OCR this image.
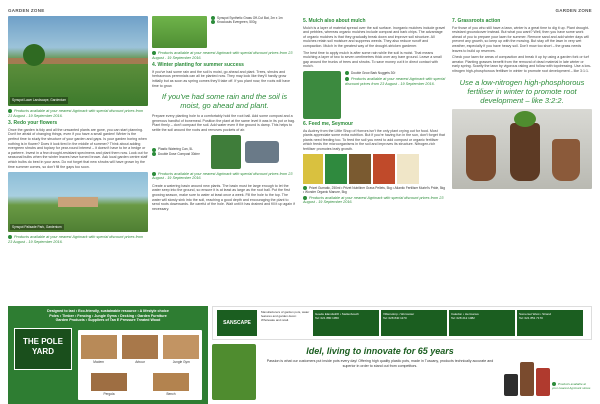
GARDEN ZONE	GARDEN ZONE
Synspot Lawn Landscape, Gardenium
Products available at your nearest Agrimark with special discount prices from 23 August - 19 September 2016.
3. Redo your flowers

Once the garden is tidy and all the unwanted plants are gone, you can start planning. Don't be afraid of changing things, even if you have a small garden! Winter is the perfect time to study the structure of your garden and gaps. Is your garden boring when nothing is in flower? Does it look tired in the middle of summer? Think about adding evergreen shrubs and topiary for year-round interest – it doesn't have to be a hedge or a parterre. Invest in a few drought-resistant specimens and plant them now. Look out for seasonal bulbs when the winter leaves have turned brown. Ask local garden centre staff which bulbs do best in your area. Do not forget that new shrubs will have grown by the time summer comes, so don't fill the gaps too soon.

Synspot Palisade Park, Gardenium
Products available at your nearest Agrimark with special discount prices from 23 August - 19 September 2016.
Synspot Synthetic Grass Off-Cut Bat, 2m x 1m
Knockouts Evergreen, 500g
Products available at your nearest Agrimark with special discount prices from 23 August - 19 September 2016.
4. Winter planting for summer success

If you've had some rain and the soil is moist, go ahead and plant. Trees, shrubs and herbaceous perennials can all be planted now. They may look like they'll hardly grow initially but as soon as spring comes they'll take off. If you plant now, the roots will have time to grow.

If you've had some rain and the soil is moist, go ahead and plant.

Prepare every planting hole to a comfortably hold the root ball. Add some compost and a generous handful of bonemeal. Position the plant at the same level it was in its pot or bag. Plant firmly – don't compact the soil. Add water even if the ground is damp. This helps to settle the soil around the roots and removes pockets of air.

Plastic Watering Can, 5L
Double Dose Compost 30dm³
Products available at your nearest Agrimark with special discount prices from 23 August - 19 September 2016.

Create a watering basin around new plants. The basin must be large enough to let the water seep into the ground, so ensure it is at least as large as the root ball. Put the first growing season, make sure to water at least once a week. Fill the hole to the top. The water will slowly sink into the soil, reaching a good depth and encouraging the plant to send roots downwards. Be careful of the hole. Wait until it has drained and fill it up again if necessary.

5. Mulch also about mulch

Mulch is a layer of material spread over the soil surface. Inorganic mulches include gravel and pebbles, whereas organic mulches include compost and bark chips. The advantage of organic mulches is that they gradually break down and improve soil structure. All mulches retain soil moisture and suppress weeds. They also reduce runoff and compaction. Mulch in the greatest way of the drought-stricken gardener.

The best time to apply mulch is after some rain while the soil is moist. That means mulching a layer of two to seven centimetres thick over any bare ground. Leave a small gap around the trunks of trees and shrubs. To save money cut it in direct contact with mulch.

Double Grow Bark Nuggets 30ℓ
Products available at your nearest Agrimark with special discount prices from 23 August - 19 September 2016.
6. Feed me, Seymour

As Audrey from the Little Shop of Horrors isn't the only plant crying out for food. Most plants appreciate some extra nutrition. But if you're having fun in the sun, don't forget that plants need feeding too. To feed the soil you need to add compost or organic fertiliser which feeds the microorganisms in the soil and improves its structure. Nitrogen-rich fertiliser promotes leafy growth.

Prizet Gumatic, 250ml • Prizet Nutriliner Grass Pellets, 5kg • Atlantic Fertiliser Muriel's Pride, 5kg • Wonder Organic Manure, 5kg
Products available at your nearest Agrimark with special discount prices from 23 August - 19 September 2016.
7. Grassroots action

For those of you who still have a lawn, winter is a great time to dig it up. Plant drought-resistant groundcover instead. But what you want? Well, then you have some work ahead of you to prepare your lawn for summer. Remove sand and add winter days will prevent any growth, so keep up with the mowing. But stay off the lawn in very wet weather, especially if you have heavy soil. Don't mow too short – the grass needs leaves to build up reserves.

Check your lawn for areas of compaction and break it up by using a garden fork or turf aerator. Planting grasses benefit from the removal of dead material in late winter or early spring. Scarify the lawn by vigorous raking and follow with topdressing. Use a low-nitrogen high-phosphorous fertiliser in winter to promote root development – like 3:1:1.

Use a low-nitrogen high-phosphorous fertiliser in winter to promote root development – like 3:2:2.
Designed to last • Eco-friendly, sustainable resource • A lifestyle choice
Poles • Timber • Fencing • Jungle Gyms • Decking • Garden Furniture
Garden Products • Suppliers of Tan E Pressure Treated Wood
THE POLE YARD
Modern	Arbour	Jungle Gym
Pergola	Bench
SANSCAPE
Manufacturers of garden pots, water features and garden decor. Wholesale and retail.
Goede Elandsdrift • Stellenbosch
Tel: 021 880 1950
Villiersdorp • Worcester
Tel: 028 840 1170
Caledon • Hermanus
Tel: 028 212 1082
Somerset West • Strand
Tel: 021 851 7170
Idel, living to innovate for 65 years
Passion is what our customers put inside pots every day! Offering high quality plastic pots, made in Tuscany, products technically accurate and superior in order to stand out from competitors.
Products available at your nearest Agrimark stores
